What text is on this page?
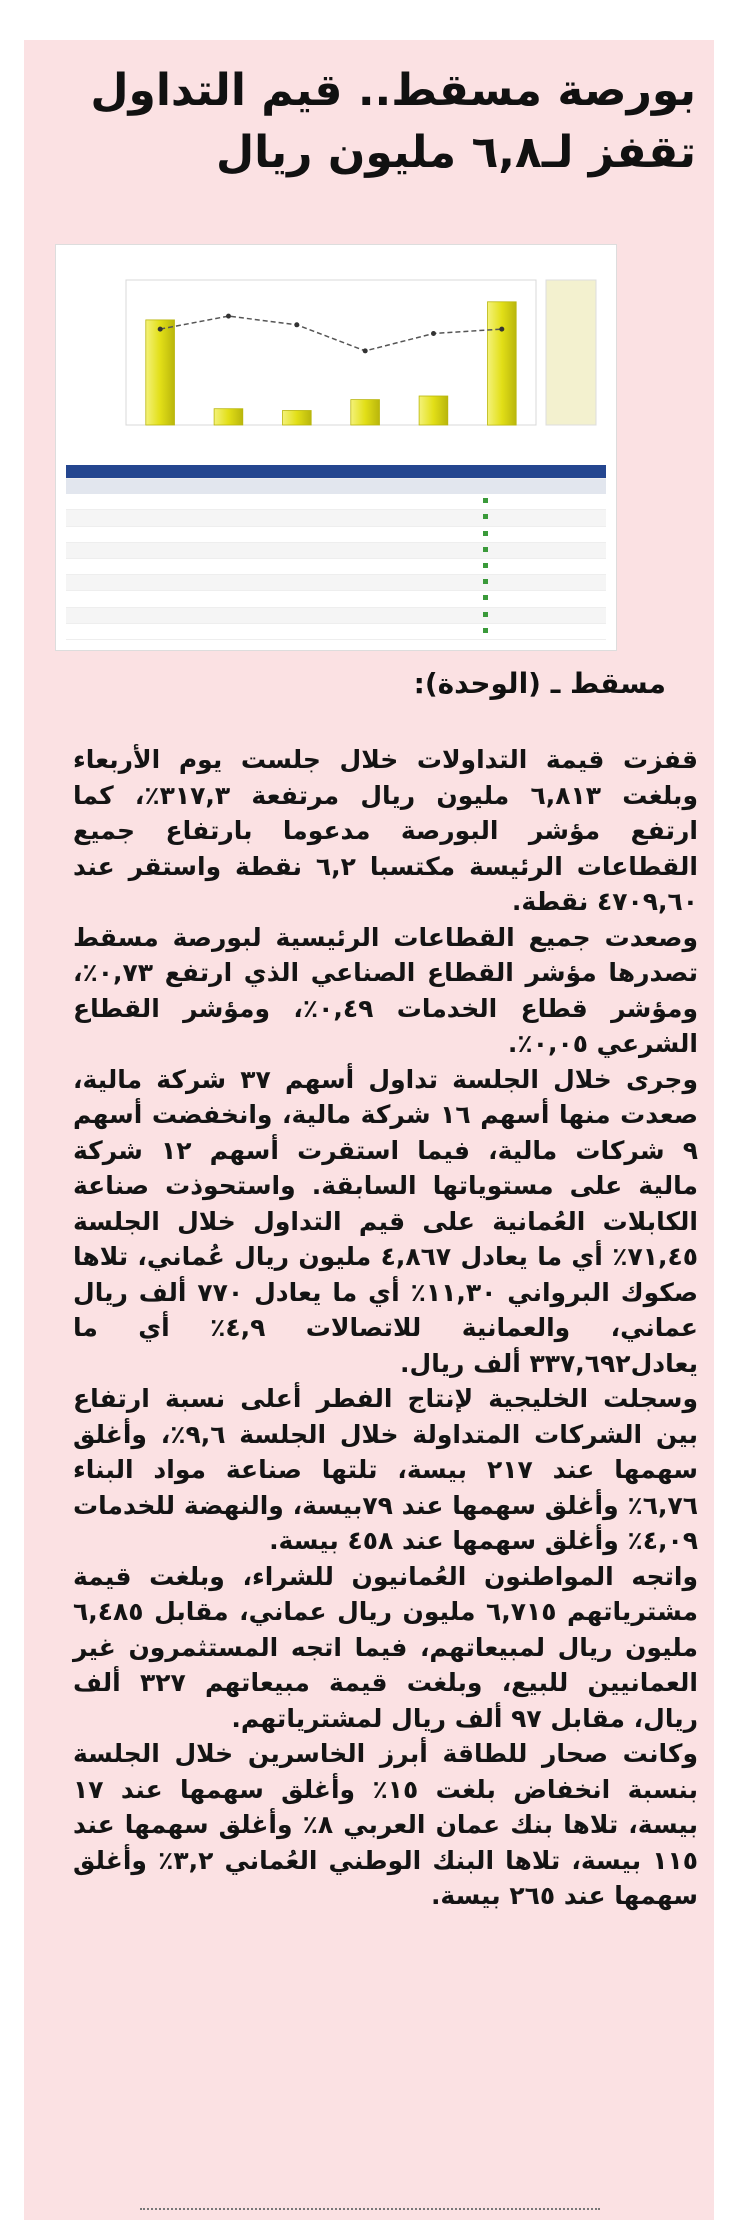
بورصة مسقط.. قيم التداول تقفز لـ٦,٨ مليون ريال

مسقط ـ (الوحدة):

قفزت قيمة التداولات خلال جلست يوم الأربعاء وبلغت ٦,٨١٣ مليون ريال مرتفعة ٣١٧,٣٪، كما ارتفع مؤشر البورصة مدعوما بارتفاع جميع القطاعات الرئيسة مكتسبا ٦,٢ نقطة واستقر عند ٤٧٠٩,٦٠ نقطة.

وصعدت جميع القطاعات الرئيسية لبورصة مسقط تصدرها مؤشر القطاع الصناعي الذي ارتفع ٠,٧٣٪، ومؤشر قطاع الخدمات ٠,٤٩٪، ومؤشر القطاع الشرعي ٠,٠٥٪.

وجرى خلال الجلسة تداول أسهم ٣٧ شركة مالية، صعدت منها أسهم ١٦ شركة مالية، وانخفضت أسهم ٩ شركات مالية، فيما استقرت أسهم ١٢ شركة مالية على مستوياتها السابقة. واستحوذت صناعة الكابلات العُمانية على قيم التداول خلال الجلسة ٧١,٤٥٪ أي ما يعادل ٤,٨٦٧ مليون ريال عُماني، تلاها صكوك البرواني ١١,٣٠٪ أي ما يعادل ٧٧٠ ألف ريال عماني، والعمانية للاتصالات ٤,٩٪ أي ما يعادل٣٣٧,٦٩٢ ألف ريال.

وسجلت الخليجية لإنتاج الفطر أعلى نسبة ارتفاع بين الشركات المتداولة خلال الجلسة ٩,٦٪، وأغلق سهمها عند ٢١٧ بيسة، تلتها صناعة مواد البناء ٦,٧٦٪ وأغلق سهمها عند ٧٩بيسة، والنهضة للخدمات ٤,٠٩٪ وأغلق سهمها عند ٤٥٨ بيسة.

واتجه المواطنون العُمانيون للشراء، وبلغت قيمة مشترياتهم ٦,٧١٥ مليون ريال عماني، مقابل ٦,٤٨٥ مليون ريال لمبيعاتهم، فيما اتجه المستثمرون غير العمانيين للبيع، وبلغت قيمة مبيعاتهم ٣٢٧ ألف ريال، مقابل ٩٧ ألف ريال لمشترياتهم.

وكانت صحار للطاقة أبرز الخاسرين خلال الجلسة بنسبة انخفاض بلغت ١٥٪ وأغلق سهمها عند ١٧ بيسة، تلاها بنك عمان العربي ٨٪ وأغلق سهمها عند ١١٥ بيسة، تلاها البنك الوطني العُماني ٣,٢٪ وأغلق سهمها عند ٢٦٥ بيسة.
